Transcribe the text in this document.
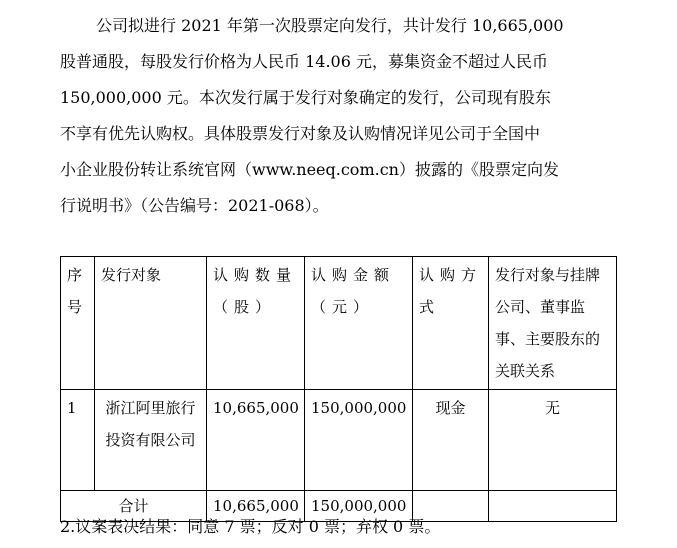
公司拟进行 2021 年第一次股票定向发行，共计发行 10,665,000
股普通股，每股发行价格为人民币 14.06 元，募集资金不超过人民币
150,000,000 元。本次发行属于发行对象确定的发行，公司现有股东
不享有优先认购权。具体股票发行对象及认购情况详见公司于全国中
小企业股份转让系统官网（www.neeq.com.cn）披露的《股票定向发
行说明书》（公告编号：2021-068）。
序号	发行对象	认购数量（股）	认购金额（元）	认购方式	发行对象与挂牌公司、董事监事、主要股东的关联关系
1	浙江阿里旅行投资有限公司	10,665,000	150,000,000	现金	无
合计		10,665,000	150,000,000		
2.议案表决结果：同意 7 票；反对 0 票；弃权 0 票。
